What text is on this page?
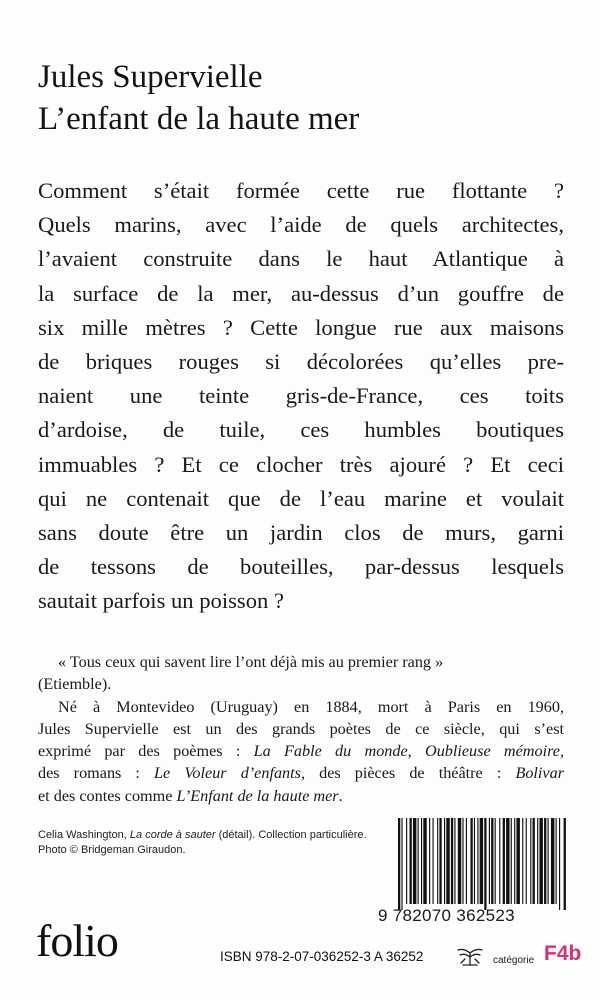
Jules Supervielle
L’enfant de la haute mer
Comment s’était formée cette rue flottante ?
Quels marins, avec l’aide de quels architectes,
l’avaient construite dans le haut Atlantique à
la surface de la mer, au-dessus d’un gouffre de
six mille mètres ? Cette longue rue aux maisons
de briques rouges si décolorées qu’elles pre-
naient une teinte gris-de-France, ces toits
d’ardoise, de tuile, ces humbles boutiques
immuables ? Et ce clocher très ajouré ? Et ceci
qui ne contenait que de l’eau marine et voulait
sans doute être un jardin clos de murs, garni
de tessons de bouteilles, par-dessus lesquels
sautait parfois un poisson ?
« Tous ceux qui savent lire l’ont déjà mis au premier rang »
(Etiemble).
Né à Montevideo (Uruguay) en 1884, mort à Paris en 1960,
Jules Supervielle est un des grands poètes de ce siècle, qui s’est
exprimé par des poèmes : La Fable du monde, Oublieuse mémoire,
des romans : Le Voleur d’enfants, des pièces de théâtre : Bolivar
et des contes comme L’Enfant de la haute mer.
Celia Washington, La corde à sauter (détail). Collection particulière.
Photo © Bridgeman Giraudon.
9 782070 362523
folio	ISBN 978-2-07-036252-3 A 36252	catégorie F4b
